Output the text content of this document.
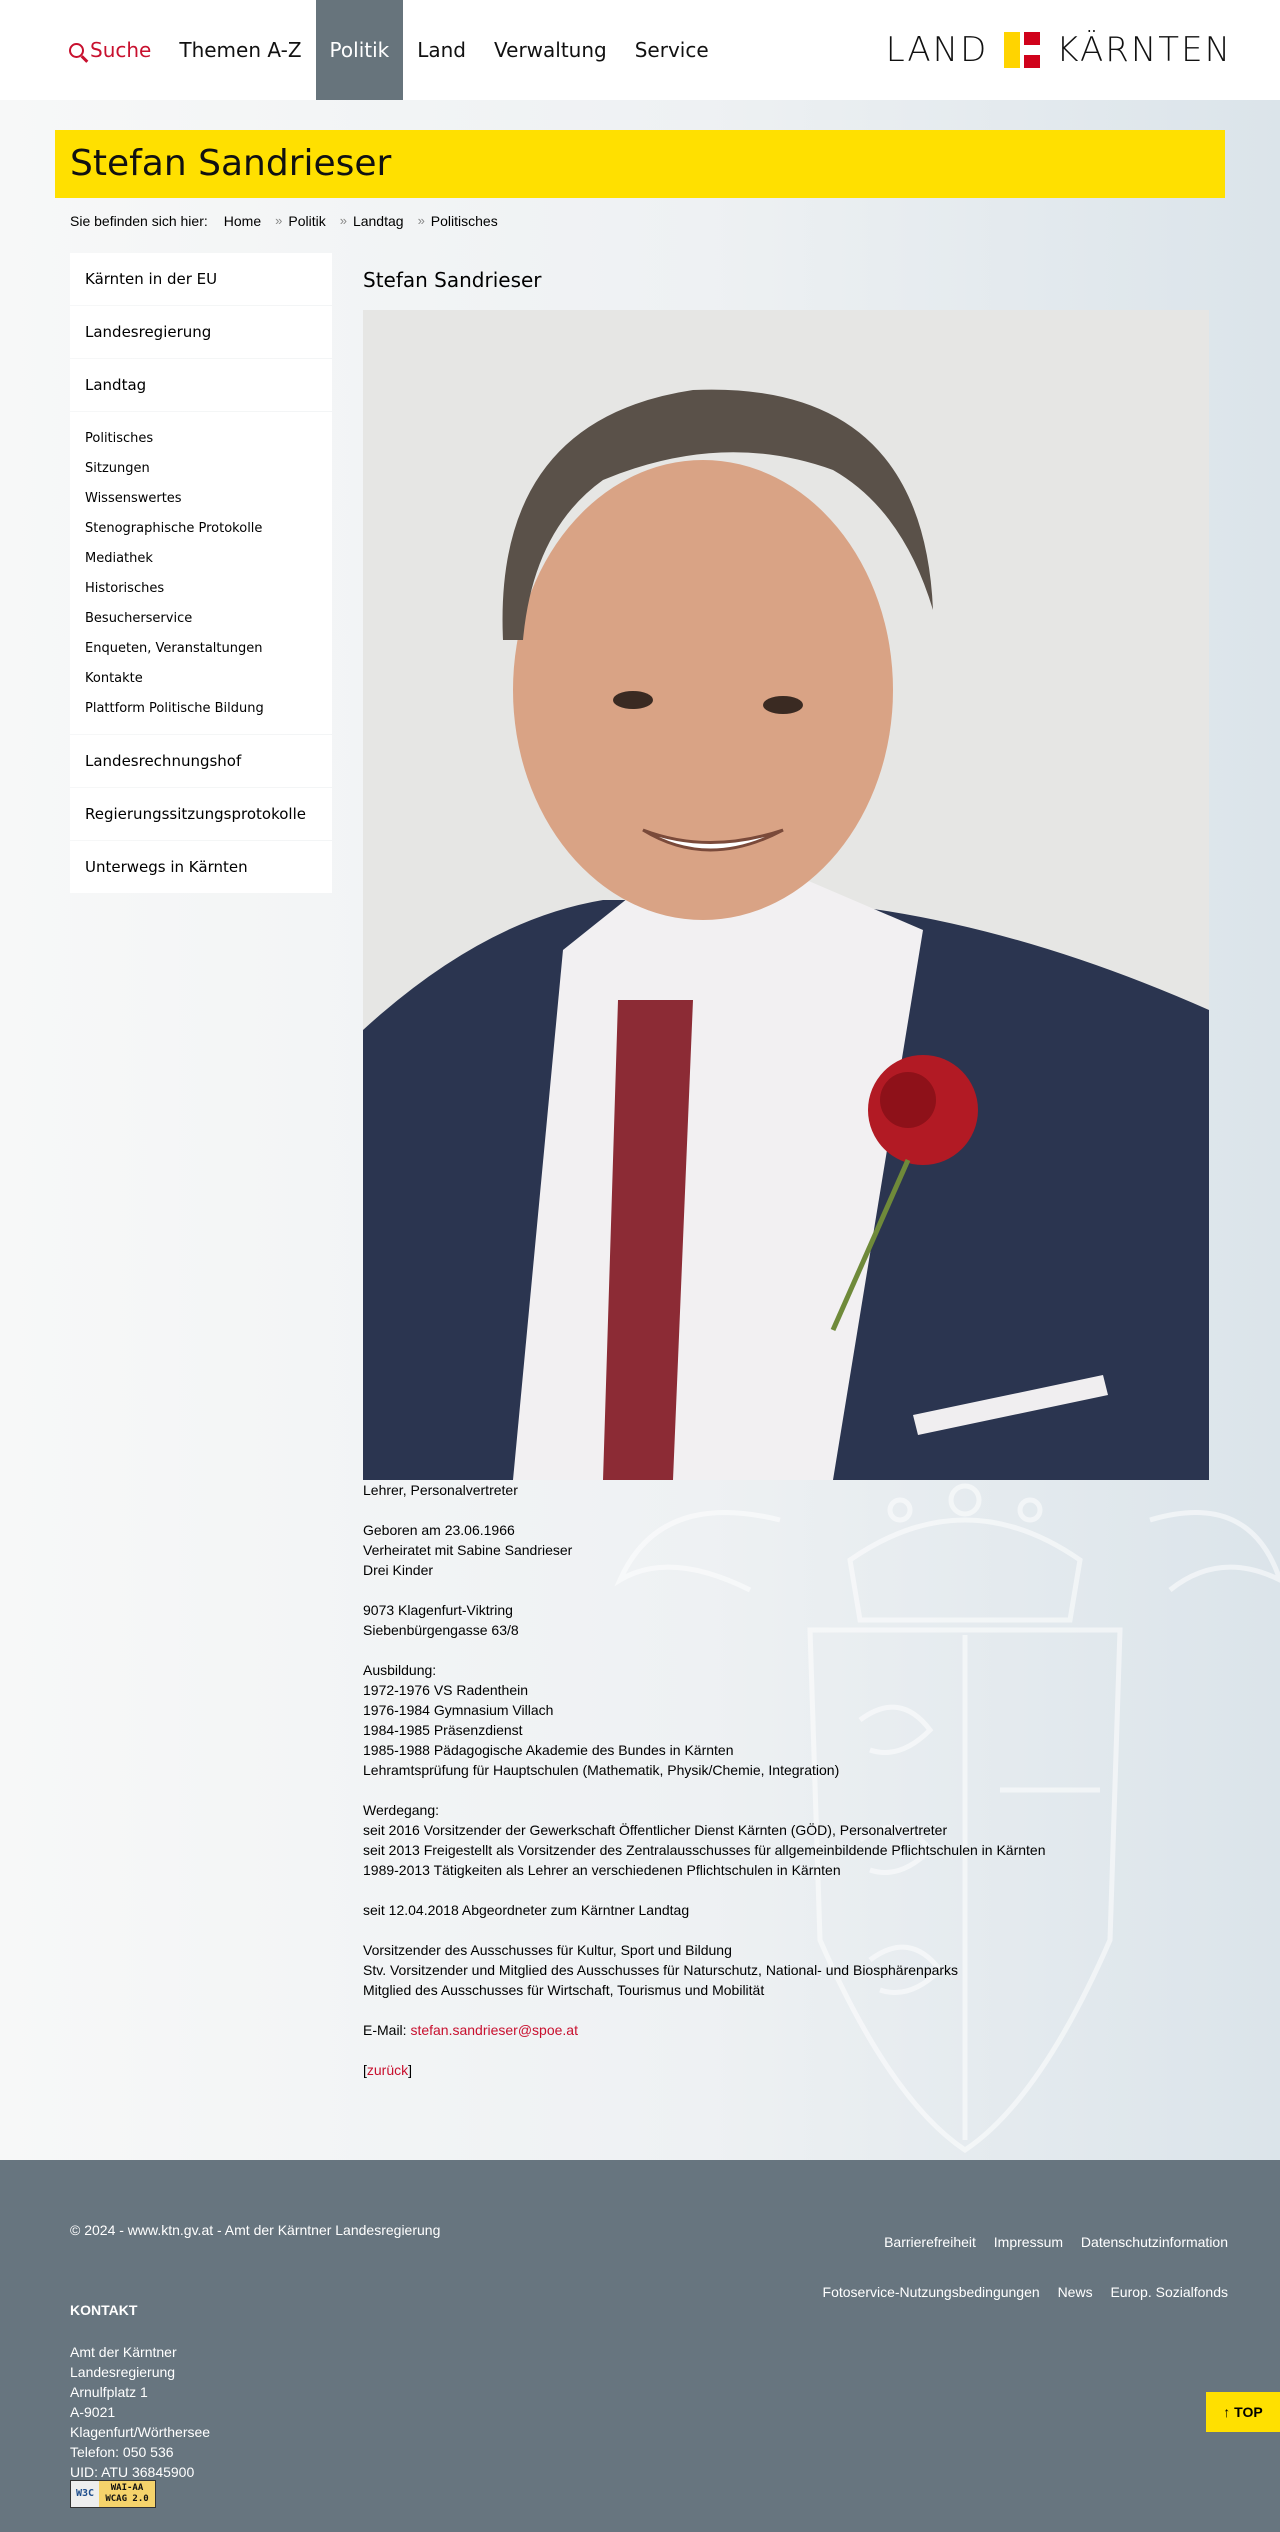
Suche	Themen A-Z	Politik	Land	Verwaltung	Service	LAND KÄRNTEN
Stefan Sandrieser
Sie befinden sich hier: Home » Politik » Landtag » Politisches
Kärnten in der EU
Landesregierung
Landtag
Politisches
Sitzungen
Wissenswertes
Stenographische Protokolle
Mediathek
Historisches
Besucherservice
Enqueten, Veranstaltungen
Kontakte
Plattform Politische Bildung
Landesrechnungshof
Regierungssitzungsprotokolle
Unterwegs in Kärnten
Stefan Sandrieser
Lehrer, Personalvertreter
Geboren am 23.06.1966
Verheiratet mit Sabine Sandrieser
Drei Kinder
9073 Klagenfurt-Viktring
Siebenbürgengasse 63/8
Ausbildung:
1972-1976 VS Radenthein
1976-1984 Gymnasium Villach
1984-1985 Präsenzdienst
1985-1988 Pädagogische Akademie des Bundes in Kärnten
Lehramtsprüfung für Hauptschulen (Mathematik, Physik/Chemie, Integration)
Werdegang:
seit 2016 Vorsitzender der Gewerkschaft Öffentlicher Dienst Kärnten (GÖD), Personalvertreter
seit 2013 Freigestellt als Vorsitzender des Zentralausschusses für allgemeinbildende Pflichtschulen in Kärnten
1989-2013 Tätigkeiten als Lehrer an verschiedenen Pflichtschulen in Kärnten
seit 12.04.2018 Abgeordneter zum Kärntner Landtag
Vorsitzender des Ausschusses für Kultur, Sport und Bildung
Stv. Vorsitzender und Mitglied des Ausschusses für Naturschutz, National- und Biosphärenparks
Mitglied des Ausschusses für Wirtschaft, Tourismus und Mobilität
E-Mail: stefan.sandrieser@spoe.at
[zurück]
© 2024 - www.ktn.gv.at - Amt der Kärntner Landesregierung
Barrierefreiheit Impressum Datenschutzinformation Fotoservice-Nutzungsbedingungen News Europ. Sozialfonds
KONTAKT
Amt der Kärntner
Landesregierung
Arnulfplatz 1
A-9021
Klagenfurt/Wörthersee
Telefon: 050 536
UID: ATU 36845900
W3C	WAI-AA
WCAG 2.0
↑ TOP
